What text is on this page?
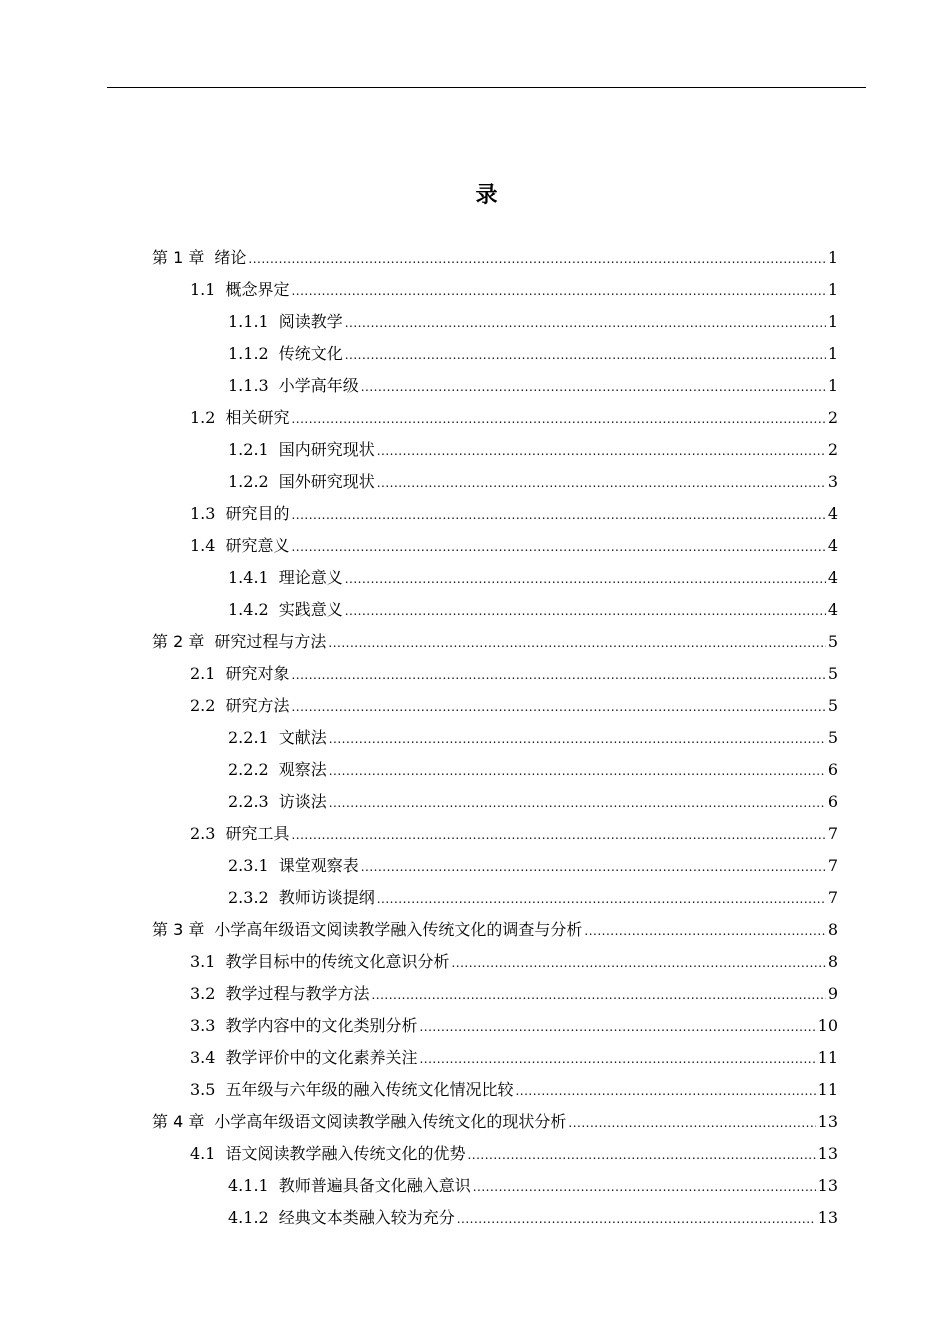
录
第 1 章 绪论 .....	1
1.1 概念界定 .....	1
1.1.1 阅读教学 .....	1
1.1.2 传统文化 .....	1
1.1.3 小学高年级 .....	1
1.2 相关研究 .....	2
1.2.1 国内研究现状 .....	2
1.2.2 国外研究现状 .....	3
1.3 研究目的 .....	4
1.4 研究意义 .....	4
1.4.1 理论意义 .....	4
1.4.2 实践意义 .....	4
第 2 章 研究过程与方法 .....	5
2.1 研究对象 .....	5
2.2 研究方法 .....	5
2.2.1 文献法 .....	5
2.2.2 观察法 .....	6
2.2.3 访谈法 .....	6
2.3 研究工具 .....	7
2.3.1 课堂观察表 .....	7
2.3.2 教师访谈提纲 .....	7
第 3 章 小学高年级语文阅读教学融入传统文化的调查与分析 .....	8
3.1 教学目标中的传统文化意识分析 .....	8
3.2 教学过程与教学方法 .....	9
3.3 教学内容中的文化类别分析 .....	10
3.4 教学评价中的文化素养关注 .....	11
3.5 五年级与六年级的融入传统文化情况比较 .....	11
第 4 章 小学高年级语文阅读教学融入传统文化的现状分析 .....	13
4.1 语文阅读教学融入传统文化的优势 .....	13
4.1.1 教师普遍具备文化融入意识 .....	13
4.1.2 经典文本类融入较为充分 .....	13
